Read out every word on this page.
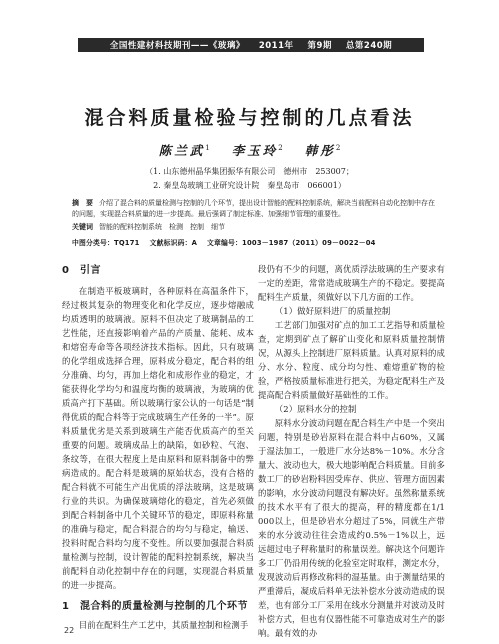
全国性建材科技期刊——《玻璃》 2011年 第9期 总第240期
混合料质量检验与控制的几点看法
陈兰武$^1$ 李玉玲$^2$ 韩彤$^2$
（1. 山东德州晶华集团振华有限公司　德州市　253007；
2. 秦皇岛玻璃工业研究设计院　秦皇岛市　066001）
摘　要 介绍了混合料的质量检测与控制的几个环节，提出设计智能的配料控制系统，解决当前配料自动化控制中存在
的问题，实现混合料质量的进一步提高。最后强调了制定标准、加强细节管理的重要性。
关键词 智能的配料控制系统　检测　控制　细节
中图分类号：TQ171 文献标识码：A 文章编号：1003－1987（2011）09－0022－04
0　引言

在制造平板玻璃时，各种原料在高温条件下，经过极其复杂的物理变化和化学反应，逐步熔融成均质透明的玻璃液。原料不但决定了玻璃制品的工艺性能，还直接影响着产品的产质量、能耗、成本和熔窑寿命等各项经济技术指标。因此，只有玻璃的化学组成选择合理，原料成分稳定，配合料的组分准确、均匀，再加上熔化和成形作业的稳定，才能获得化学均匀和温度均衡的玻璃液，为玻璃的优质高产打下基础。所以玻璃行家公认的一句话是“制得优质的配合料等于完成玻璃生产任务的一半”。原料质量优劣是关系到玻璃生产能否优质高产的至关重要的问题。玻璃成品上的缺陷，如砂粒、气泡、条纹等，在很大程度上是由原料和原料制备中的弊病造成的。配合料是玻璃的原始状态，没有合格的配合料就不可能生产出优质的浮法玻璃，这是玻璃行业的共识。为确保玻璃熔化的稳定，首先必须做到配合料制备中几个关键环节的稳定，即原料称量的准确与稳定，配合料混合的均匀与稳定，输送、投料时配合料均匀度不变性。所以要加强混合料质量检测与控制，设计智能的配料控制系统，解决当前配料自动化控制中存在的问题，实现混合料质量的进一步提高。

1　混合料的质量检测与控制的几个环节

目前在配料生产工艺中，其质量控制和检测手

段仍有不少的问题，离优质浮法玻璃的生产要求有一定的差距，常常造成玻璃生产的不稳定。要提高配料生产质量，须做好以下几方面的工作。

（1）做好原料进厂的质量控制

工艺部门加强对矿点的加工工艺指导和质量检查，定期到矿点了解矿山变化和原料质量控制情况，从源头上控制进厂原料质量。认真对原料的成分、水分、粒度、成分均匀性、难熔重矿物的检验，严格按质量标准进行把关，为稳定配料生产及提高配合料质量做好基础性的工作。

（2）原料水分的控制

原料水分波动问题在配合料生产中是一个突出问题，特别是砂岩原料在混合料中占60%，又属于湿法加工，一般进厂水分达8%－10%。水分含量大、波动也大，极大地影响配合料质量。目前多数工厂的砂岩粉料因受库存、供应、管理方面因素的影响，水分波动问题没有解决好。虽然称量系统的技术水平有了很大的提高，秤的精度都在1/1 000以上，但是砂岩水分超过了5%，同就生产带来的水分波动往往会造成约0.5%－1%以上，远远超过电子秤称量时的称量误差。解决这个问题许多工厂仍沿用传统的化验室定时取样，测定水分，发现波动后再修改称料的湿基量。由于测量结果的严重滞后，凝成后料单无法补偿水分波动造成的误差，也有部分工厂采用在线水分测量并对波动及时补偿方式，但也有仪器性能不可靠造成对生产的影响。最有效的办

22
